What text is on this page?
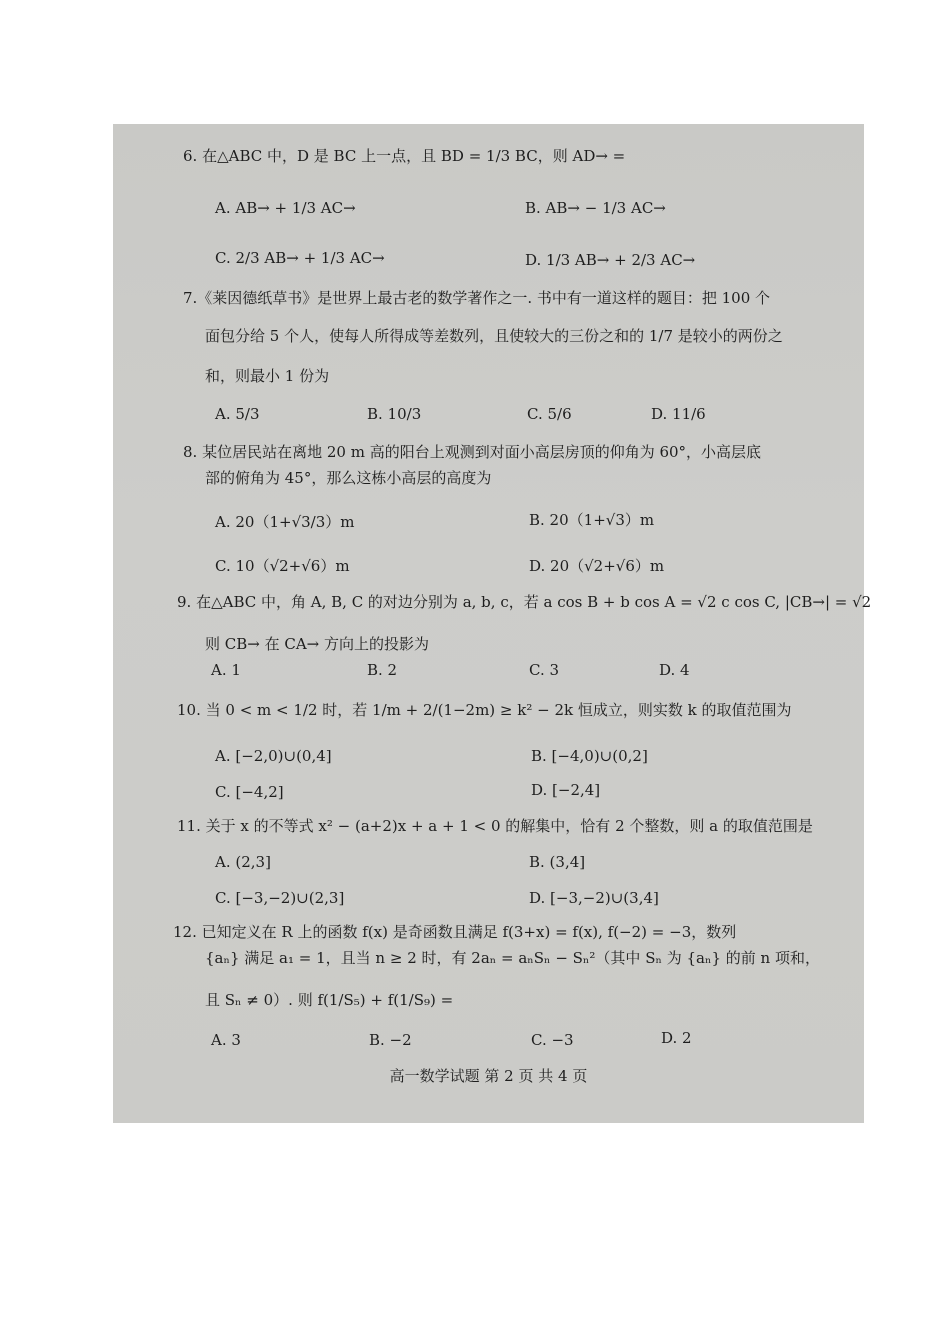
6. 在△ABC 中，D 是 BC 上一点，且 BD = 1/3 BC，则 AD→ =
A. AB→ + 1/3 AC→	B. AB→ − 1/3 AC→
C. 2/3 AB→ + 1/3 AC→	D. 1/3 AB→ + 2/3 AC→
7.《莱因德纸草书》是世界上最古老的数学著作之一. 书中有一道这样的题目：把 100 个
面包分给 5 个人，使每人所得成等差数列，且使较大的三份之和的 1/7 是较小的两份之
和，则最小 1 份为
A. 5/3	B. 10/3	C. 5/6	D. 11/6
8. 某位居民站在离地 20 m 高的阳台上观测到对面小高层房顶的仰角为 60°，小高层底
部的俯角为 45°，那么这栋小高层的高度为
A. 20（1+√3/3）m	B. 20（1+√3）m
C. 10（√2+√6）m	D. 20（√2+√6）m
9. 在△ABC 中，角 A, B, C 的对边分别为 a, b, c，若 a cos B + b cos A = √2 c cos C, |CB→| = √2
则 CB→ 在 CA→ 方向上的投影为
A. 1	B. 2	C. 3	D. 4
10. 当 0 < m < 1/2 时，若 1/m + 2/(1−2m) ≥ k² − 2k 恒成立，则实数 k 的取值范围为
A. [−2,0)∪(0,4]	B. [−4,0)∪(0,2]
C. [−4,2]	D. [−2,4]
11. 关于 x 的不等式 x² − (a+2)x + a + 1 < 0 的解集中，恰有 2 个整数，则 a 的取值范围是
A. (2,3]	B. (3,4]
C. [−3,−2)∪(2,3]	D. [−3,−2)∪(3,4]
12. 已知定义在 R 上的函数 f(x) 是奇函数且满足 f(3+x) = f(x), f(−2) = −3，数列
{aₙ} 满足 a₁ = 1，且当 n ≥ 2 时，有 2aₙ = aₙSₙ − Sₙ²（其中 Sₙ 为 {aₙ} 的前 n 项和，
且 Sₙ ≠ 0）. 则 f(1/S₅) + f(1/S₉) =
A. 3	B. −2	C. −3	D. 2
高一数学试题 第 2 页 共 4 页
